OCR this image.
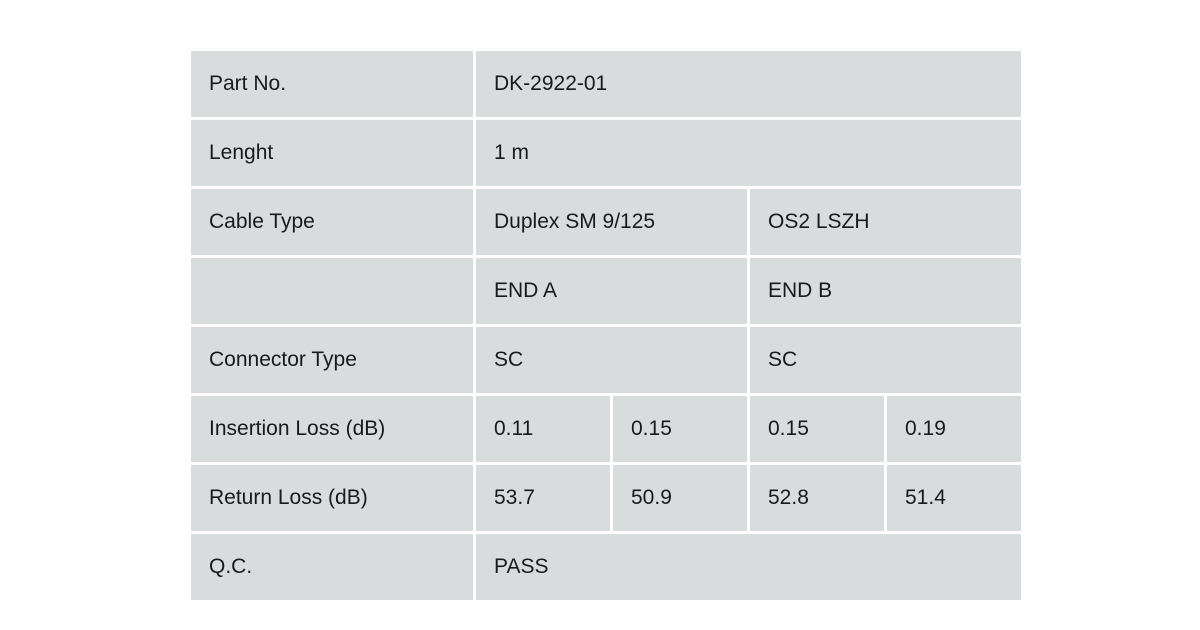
Part No.	DK-2922-01			
Lenght	1 m			
Cable Type	Duplex SM 9/125		OS2 LSZH	
	END A		END B	
Connector Type	SC		SC	
Insertion Loss (dB)	0.11	0.15	0.15	0.19
Return Loss (dB)	53.7	50.9	52.8	51.4
Q.C.	PASS			
